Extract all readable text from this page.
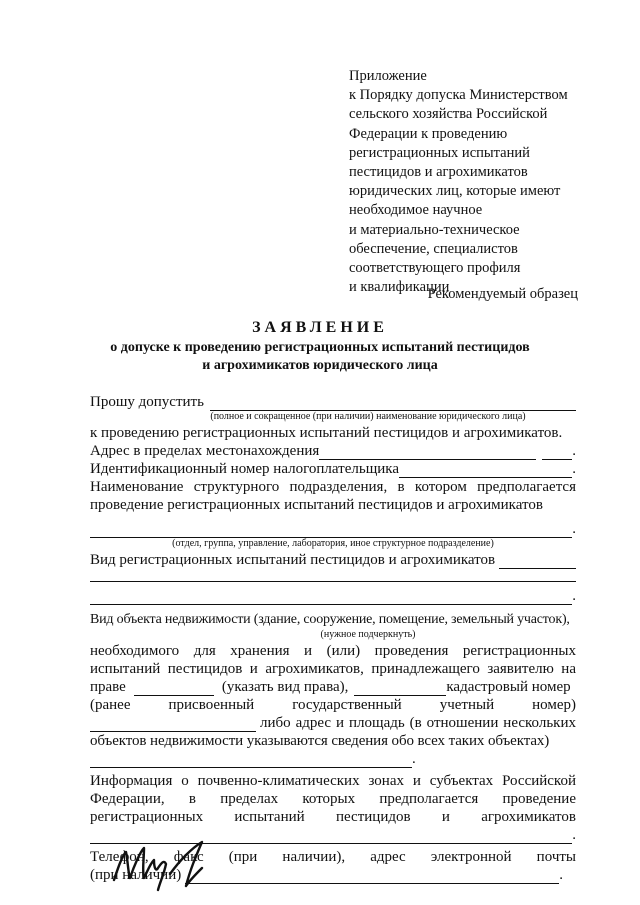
Приложение
к Порядку допуска Министерством
сельского хозяйства Российской
Федерации к проведению
регистрационных испытаний
пестицидов и агрохимикатов
юридических лиц, которые имеют
необходимое научное
и материально-техническое
обеспечение, специалистов
соответствующего профиля
и квалификации
Рекомендуемый образец
ЗАЯВЛЕНИЕ
о допуске к проведению регистрационных испытаний пестицидов
и агрохимикатов юридического лица
Прошу допустить
(полное и сокращенное (при наличии) наименование юридического лица)
к проведению регистрационных испытаний пестицидов и агрохимикатов.
Адрес в пределах местонахождения	.
Идентификационный номер налогоплательщика	.
Наименование структурного подразделения, в котором предполагается
проведение регистрационных испытаний пестицидов и агрохимикатов
.
(отдел, группа, управление, лаборатория, иное структурное подразделение)
Вид регистрационных испытаний пестицидов и агрохимикатов
.
Вид объекта недвижимости (здание, сооружение, помещение, земельный участок),
(нужное подчеркнуть)
необходимого для хранения и (или) проведения регистрационных
испытаний пестицидов и агрохимикатов, принадлежащего заявителю на
праве	(указать вид права),	кадастровый номер
(ранее присвоенный государственный учетный номер)
либо адрес и площадь (в отношении нескольких
объектов недвижимости указываются сведения обо всех таких объектах)
.
Информация о почвенно-климатических зонах и субъектах Российской
Федерации, в пределах которых предполагается проведение
регистрационных испытаний пестицидов и агрохимикатов
.
Телефон, факс (при наличии), адрес электронной почты
(при наличии)	.
